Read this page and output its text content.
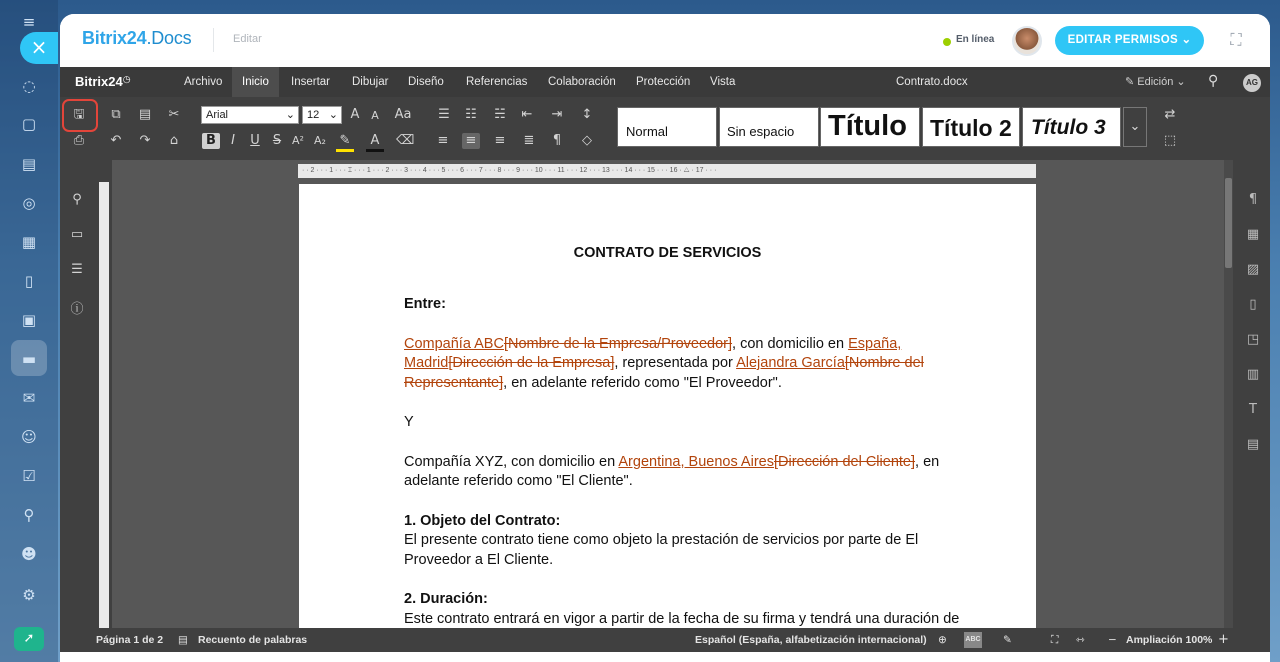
≡
◌
▢
▤
◎
▦
▯
▣
▬
✉
☺
☑
⚲
☻
⚙
➚
×	Bitrix24.Docs	Editar	En línea	EDITAR PERMISOS ⌄	⛶
Bitrix24◷	Archivo	Inicio	Insertar	Dibujar	Diseño	Referencias	Colaboración	Protección	Vista	Contrato.docx	✎ Edición ⌄ ⚲	AG
🖫
⎙
⧉	▤ ✂
↶ ↷	⌂
Arial	⌄	12 ⌄ A	A	Aa
B	I	U	S A² A₂ ✎	A	⌫
☰ ☷ ☵ ⇤ ⇥ ↕
≡ ≡ ≡ ≣	¶	◇
Normal	Sin espacio	Título	Título 2 Título 3	⌄
⇄
⬚
⚲
▭
☰
ⓘ
· · 2 · · · 1 · · · ⌶ · · · 1 · · · 2 · · · 3 · · · 4 · · · 5 · · · 6 · · · 7 · · · 8 · · · 9 · · · 10 · · · 11 · · · 12 · · · 13 · · · 14 · · · 15 · · · 16 · △ · 17 · · ·
CONTRATO DE SERVICIOS
Entre:
Compañía ABC[Nombre de la Empresa/Proveedor], con domicilio en España,
Madrid[Dirección de la Empresa], representada por Alejandra García[Nombre del
Representante], en adelante referido como "El Proveedor".
Y
Compañía XYZ, con domicilio en Argentina, Buenos Aires[Dirección del Cliente], en
adelante referido como "El Cliente".
1. Objeto del Contrato:
El presente contrato tiene como objeto la prestación de servicios por parte de El
Proveedor a El Cliente.
2. Duración:
Este contrato entrará en vigor a partir de la fecha de su firma y tendrá una duración de
¶
▦
▨
▯
◳
▥
T
▤
Página 1 de 2 ▤ Recuento de palabras	Español (España, alfabetización internacional) ⊕	ABC ✎	⛶ ⇿ − Ampliación 100% +
